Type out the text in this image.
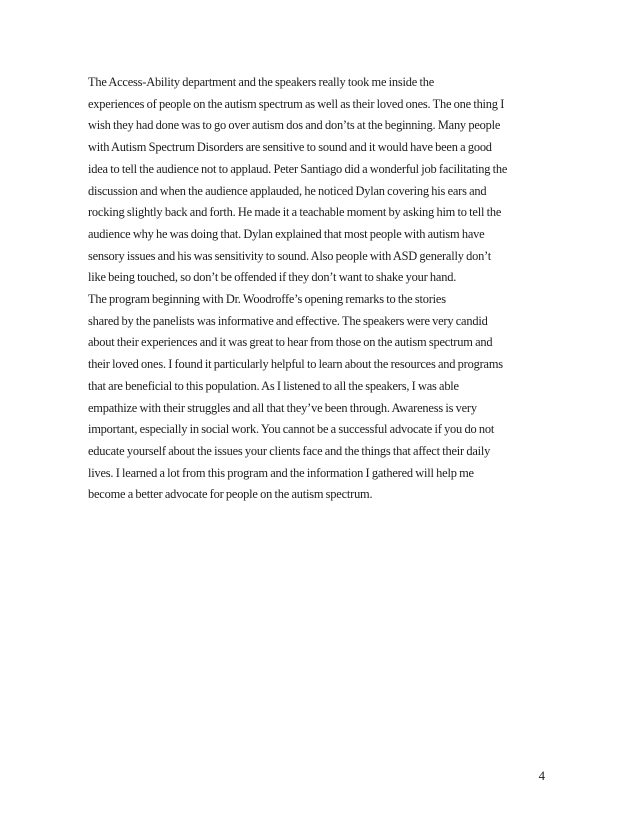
The Access-Ability department and the speakers really took me inside the
experiences of people on the autism spectrum as well as their loved ones. The one thing I
wish they had done was to go over autism dos and don’ts at the beginning. Many people
with Autism Spectrum Disorders are sensitive to sound and it would have been a good
idea to tell the audience not to applaud. Peter Santiago did a wonderful job facilitating the
discussion and when the audience applauded, he noticed Dylan covering his ears and
rocking slightly back and forth. He made it a teachable moment by asking him to tell the
audience why he was doing that. Dylan explained that most people with autism have
sensory issues and his was sensitivity to sound. Also people with ASD generally don’t
like being touched, so don’t be offended if they don’t want to shake your hand.
The program beginning with Dr. Woodroffe’s opening remarks to the stories
shared by the panelists was informative and effective. The speakers were very candid
about their experiences and it was great to hear from those on the autism spectrum and
their loved ones. I found it particularly helpful to learn about the resources and programs
that are beneficial to this population. As I listened to all the speakers, I was able
empathize with their struggles and all that they’ve been through. Awareness is very
important, especially in social work. You cannot be a successful advocate if you do not
educate yourself about the issues your clients face and the things that affect their daily
lives. I learned a lot from this program and the information I gathered will help me
become a better advocate for people on the autism spectrum.
4
